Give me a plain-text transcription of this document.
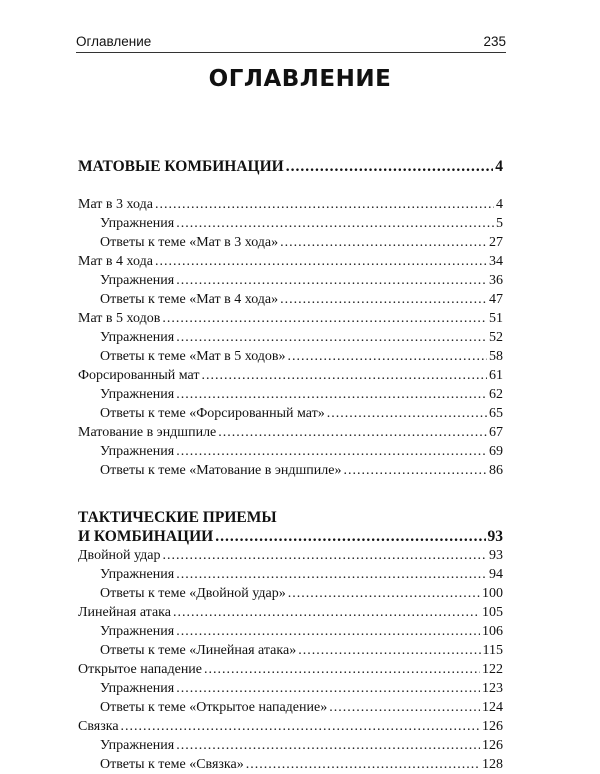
Оглавление	235
ОГЛАВЛЕНИЕ
МАТОВЫЕ КОМБИНАЦИИ .....	4
Мат в 3 хода .....	4
Упражнения .....	5
Ответы к теме «Мат в 3 хода» .....	27
Мат в 4 хода .....	34
Упражнения .....	36
Ответы к теме «Мат в 4 хода» .....	47
Мат в 5 ходов .....	51
Упражнения .....	52
Ответы к теме «Мат в 5 ходов» .....	58
Форсированный мат .....	61
Упражнения .....	62
Ответы к теме «Форсированный мат» .....	65
Матование в эндшпиле .....	67
Упражнения .....	69
Ответы к теме «Матование в эндшпиле» .....	86
ТАКТИЧЕСКИЕ ПРИЕМЫ
И КОМБИНАЦИИ .....	93
Двойной удар .....	93
Упражнения .....	94
Ответы к теме «Двойной удар» .....	100
Линейная атака .....	105
Упражнения .....	106
Ответы к теме «Линейная атака» .....	115
Открытое нападение .....	122
Упражнения .....	123
Ответы к теме «Открытое нападение» .....	124
Связка .....	126
Упражнения .....	126
Ответы к теме «Связка» .....	128
